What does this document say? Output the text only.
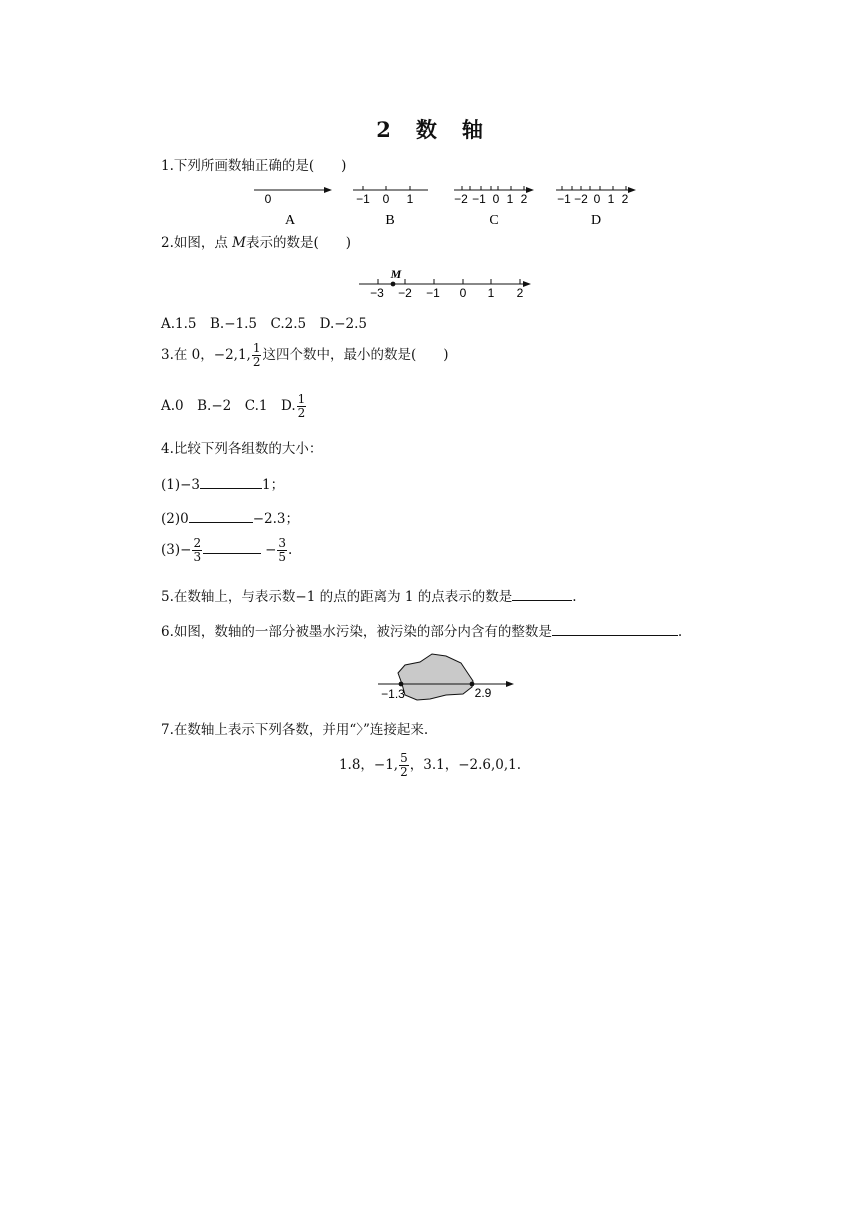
2 数 轴
1.下列所画数轴正确的是(　　)
0
A
−1 0 1
B
−2 −1 0 1 2
C
−1 −2 0 1 2
D
2.如图，点 M表示的数是(　　)
M
−3 −2 −1 0 1 2
A.1.5　B.−1.5　C.2.5　D.−2.5
3.在 0，−2,1, $\frac{1}{2}$ 这四个数中，最小的数是(　　)
A.0　B.−2　C.1　D. $\frac{1}{2}$
4.比较下列各组数的大小：
(1)−3	1；
(2)0	−2.3；
$(3)- \frac{2}{3}$	− $\frac{3}{5}$ .
5.在数轴上，与表示数−1 的点的距离为 1 的点表示的数是	.
6.如图，数轴的一部分被墨水污染，被污染的部分内含有的整数是	.
−1.3	2.9
7.在数轴上表示下列各数，并用“〉”连接起来.
1.8，−1, $\frac{5}{2}$ ，3.1，−2.6,0,1.
